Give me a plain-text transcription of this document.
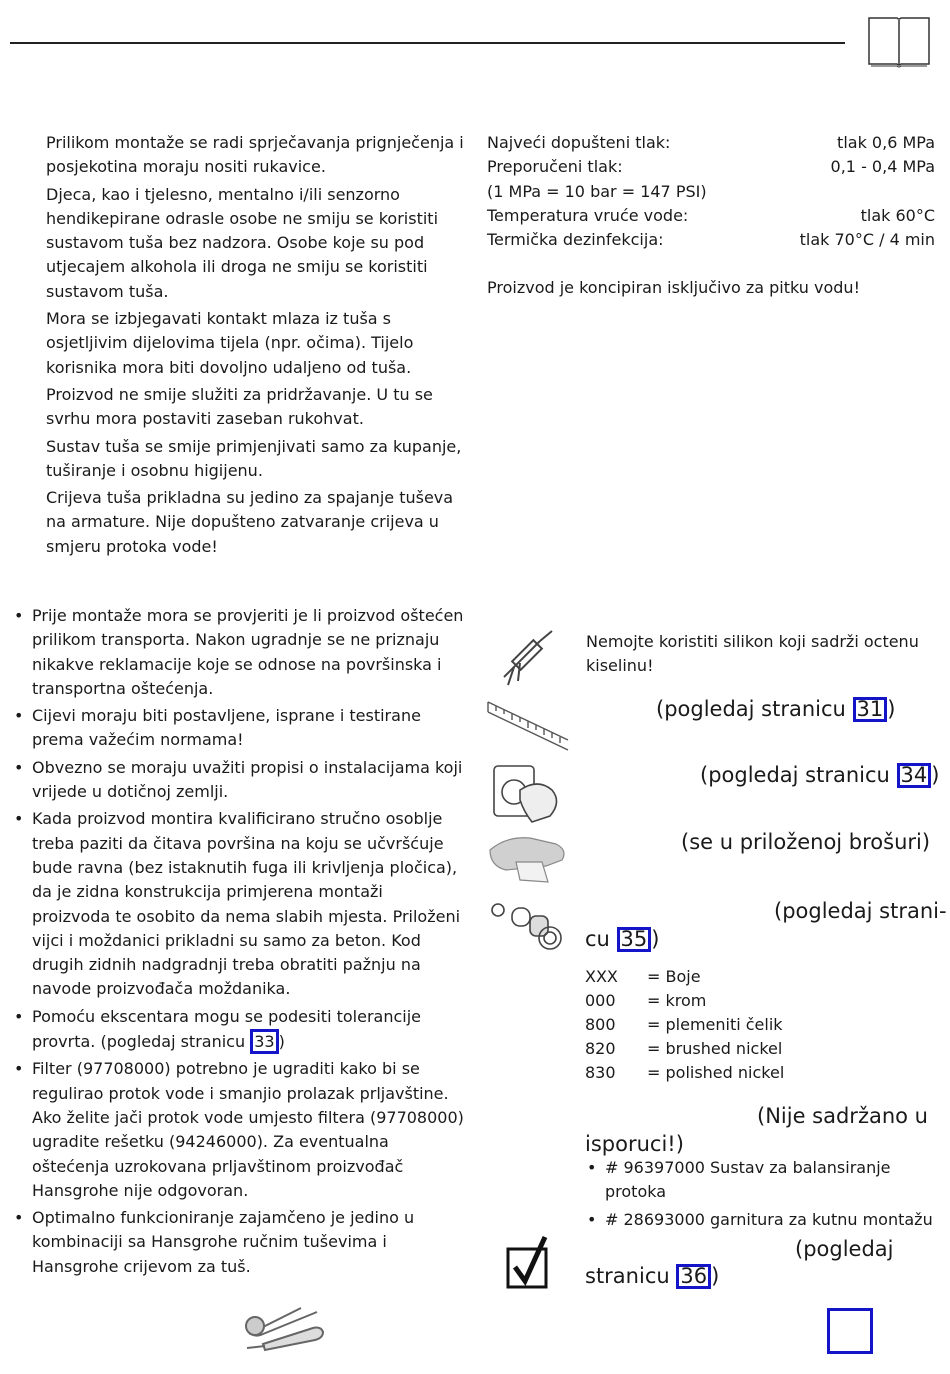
Prilikom montaže se radi sprječavanja prignječenja i posjekotina moraju nositi rukavice.

Djeca, kao i tjelesno, mentalno i/ili senzorno hendikepirane odrasle osobe ne smiju se koristiti sustavom tuša bez nadzora. Osobe koje su pod utjecajem alkohola ili droga ne smiju se koristiti sustavom tuša.

Mora se izbjegavati kontakt mlaza iz tuša s osjetljivim dijelovima tijela (npr. očima). Tijelo korisnika mora biti dovoljno udaljeno od tuša.

Proizvod ne smije služiti za pridržavanje. U tu se svrhu mora postaviti zaseban rukohvat.

Sustav tuša se smije primjenjivati samo za kupanje, tuširanje i osobnu higijenu.

Crijeva tuša prikladna su jedino za spajanje tuševa na armature. Nije dopušteno zatvaranje crijeva u smjeru protoka vode!

Najveći dopušteni tlak:	tlak 0,6 MPa
Preporučeni tlak:	0,1 - 0,4 MPa
(1 MPa = 10 bar = 147 PSI)
Temperatura vruće vode:	tlak 60°C
Termička dezinfekcija:	tlak 70°C / 4 min
Proizvod je koncipiran isključivo za pitku vodu!
• Prije montaže mora se provjeriti je li proizvod oštećen prilikom transporta. Nakon ugradnje se ne priznaju nikakve reklamacije koje se odnose na površinska i transportna oštećenja.
• Cijevi moraju biti postavljene, isprane i testirane prema važećim normama!
• Obvezno se moraju uvažiti propisi o instalacijama koji vrijede u dotičnoj zemlji.
• Kada proizvod montira kvalificirano stručno osoblje treba paziti da čitava površina na koju se učvršćuje bude ravna (bez istaknutih fuga ili krivljenja pločica), da je zidna konstrukcija primjerena montaži proizvoda te osobito da nema slabih mjesta. Priloženi vijci i moždanici prikladni su samo za beton. Kod drugih zidnih nadgradnji treba obratiti pažnju na navode proizvođača moždanika.
• Pomoću ekscentara mogu se podesiti tolerancije provrta. (pogledaj stranicu 33 )
• Filter (97708000) potrebno je ugraditi kako bi se regulirao protok vode i smanjio prolazak prljavštine. Ako želite jači protok vode umjesto filtera (97708000) ugradite rešetku (94246000). Za eventualna oštećenja uzrokovana prljavštinom proizvođač Hansgrohe nije odgovoran.
• Optimalno funkcioniranje zajamčeno je jedino u kombinaciji sa Hansgrohe ručnim tuševima i Hansgrohe crijevom za tuš.
Nemojte koristiti silikon koji sadrži octenu kiselinu!
(pogledaj stranicu 31 )
(pogledaj stranicu 34 )
(se u priloženoj brošuri)
(pogledaj strani-
cu 35 )
XXX	= Boje
000	= krom
800	= plemeniti čelik
820	= brushed nickel
830	= polished nickel
(Nije sadržano u
isporuci!)
• # 96397000 Sustav za balansiranje protoka
• # 28693000 garnitura za kutnu montažu
(pogledaj
stranicu 36 )
